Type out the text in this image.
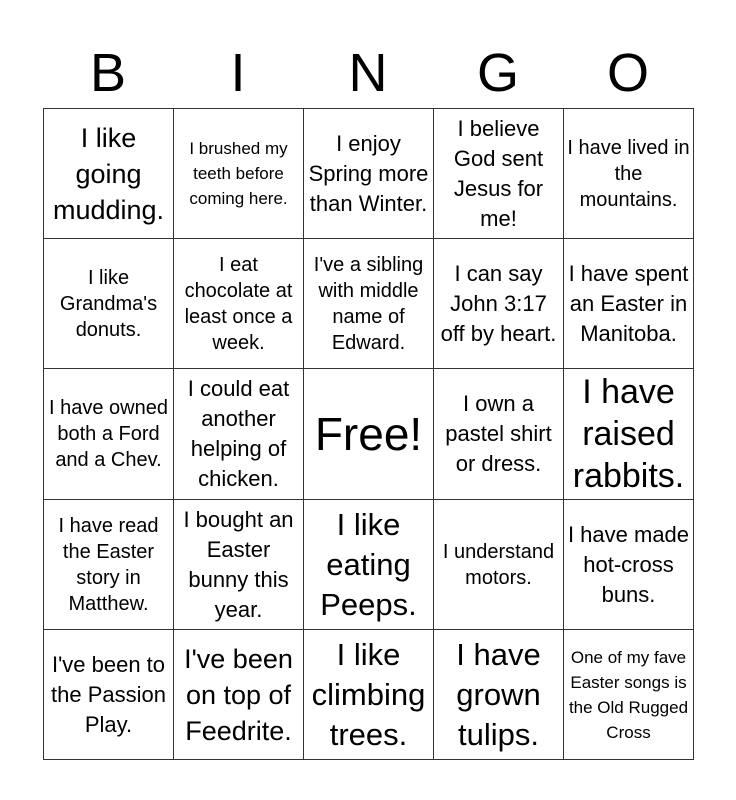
B	I	N	G	O
I like going mudding.	I brushed my teeth before coming here.	I enjoy Spring more than Winter.	I believe God sent Jesus for me!	I have lived in the mountains.
I like Grandma's donuts.	I eat chocolate at least once a week.	I've a sibling with middle name of Edward.	I can say John 3:17 off by heart.	I have spent an Easter in Manitoba.
I have owned both a Ford and a Chev.	I could eat another helping of chicken.	Free!	I own a pastel shirt or dress.	I have raised rabbits.
I have read the Easter story in Matthew.	I bought an Easter bunny this year.	I like eating Peeps.	I understand motors.	I have made hot-cross buns.
I've been to the Passion Play.	I've been on top of Feedrite.	I like climbing trees.	I have grown tulips.	One of my fave Easter songs is the Old Rugged Cross
